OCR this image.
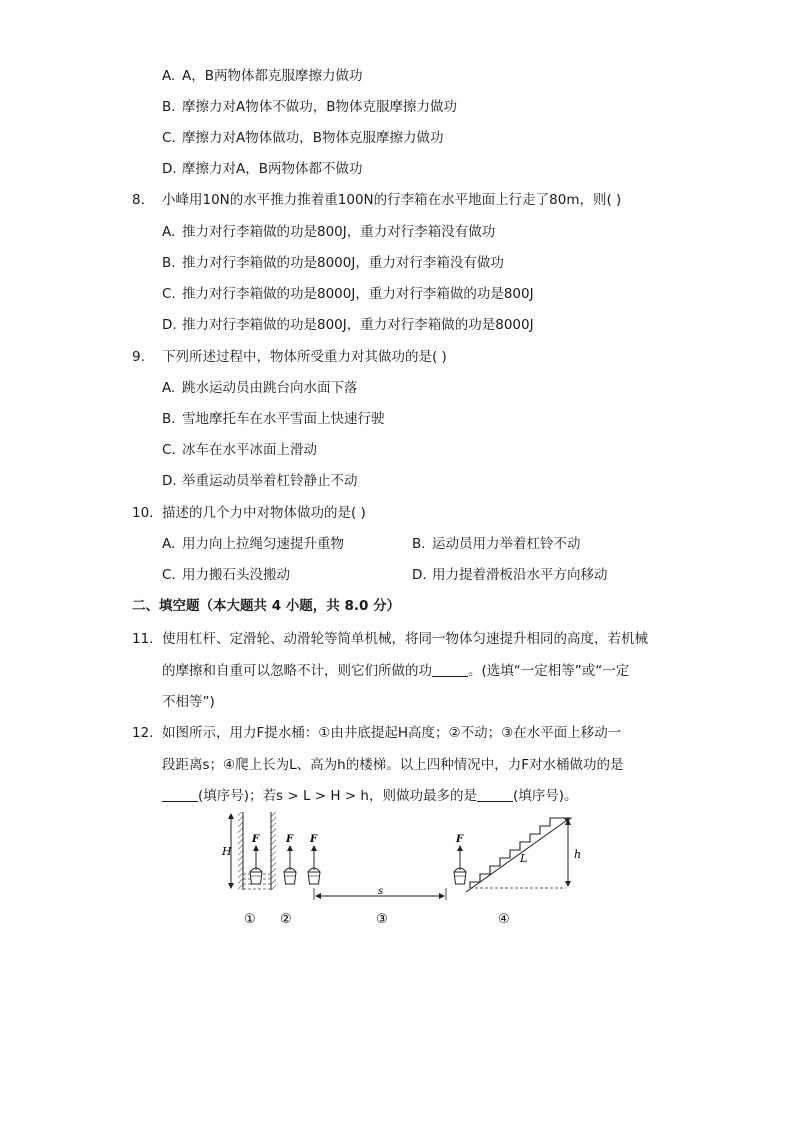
A. A，B两物体都克服摩擦力做功
B. 摩擦力对A物体不做功，B物体克服摩擦力做功
C. 摩擦力对A物体做功，B物体克服摩擦力做功
D. 摩擦力对A，B两物体都不做功
8. 小峰用10N的水平推力推着重100N的行李箱在水平地面上行走了80m，则( )
A. 推力对行李箱做的功是800J，重力对行李箱没有做功
B. 推力对行李箱做的功是8000J，重力对行李箱没有做功
C. 推力对行李箱做的功是8000J，重力对行李箱做的功是800J
D. 推力对行李箱做的功是800J，重力对行李箱做的功是8000J
9. 下列所述过程中，物体所受重力对其做功的是( )
A. 跳水运动员由跳台向水面下落
B. 雪地摩托车在水平雪面上快速行驶
C. 冰车在水平冰面上滑动
D. 举重运动员举着杠铃静止不动
10. 描述的几个力中对物体做功的是( )
A. 用力向上拉绳匀速提升重物	B. 运动员用力举着杠铃不动
C. 用力搬石头没搬动	D. 用力提着滑板沿水平方向移动
二、填空题（本大题共 4 小题，共 8.0 分）
11. 使用杠杆、定滑轮、动滑轮等简单机械，将同一物体匀速提升相同的高度，若机械
的摩擦和自重可以忽略不计，则它们所做的功	。(选填“一定相等”或“一定
不相等”)
12. 如图所示，用力F提水桶：①由井底提起H高度；②不动；③在水平面上移动一
段距离s；④爬上长为L、高为h的楼梯。以上四种情况中，力F对水桶做功的是
(填序号)；若s > L > H > h，则做功最多的是	(填序号)。
H
F
①
F
②
F
s
F
③
L	h
④
